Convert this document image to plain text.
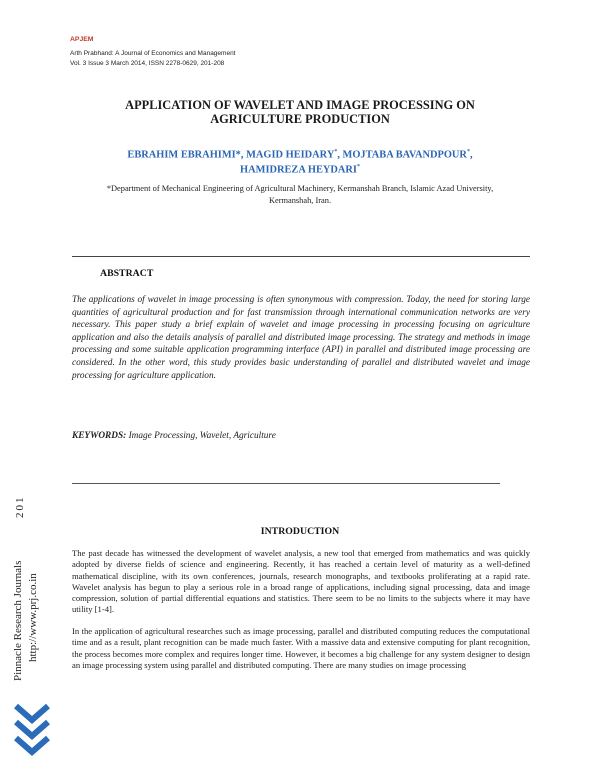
APJEM
Arth Prabhand: A Journal of Economics and Management
Vol. 3 Issue 3 March 2014, ISSN 2278-0629, 201-208
APPLICATION OF WAVELET AND IMAGE PROCESSING ON
AGRICULTURE PRODUCTION

EBRAHIM EBRAHIMI*, MAGID HEIDARY*, MOJTABA BAVANDPOUR*,
HAMIDREZA HEYDARI*

*Department of Mechanical Engineering of Agricultural Machinery, Kermanshah Branch, Islamic Azad University,
Kermanshah, Iran.

ABSTRACT

The applications of wavelet in image processing is often synonymous with compression. Today, the need for storing large quantities of agricultural production and for fast transmission through international communication networks are very necessary. This paper study a brief explain of wavelet and image processing in processing focusing on agriculture application and also the details analysis of parallel and distributed image processing. The strategy and methods in image processing and some suitable application programming interface (API) in parallel and distributed image processing are considered. In the other word, this study provides basic understanding of parallel and distributed wavelet and image processing for agriculture application.

KEYWORDS: Image Processing, Wavelet, Agriculture

INTRODUCTION

The past decade has witnessed the development of wavelet analysis, a new tool that emerged from mathematics and was quickly adopted by diverse fields of science and engineering. Recently, it has reached a certain level of maturity as a well-defined mathematical discipline, with its own conferences, journals, research monographs, and textbooks proliferating at a rapid rate. Wavelet analysis has begun to play a serious role in a broad range of applications, including signal processing, data and image compression, solution of partial differential equations and statistics. There seem to be no limits to the subjects where it may have utility [1-4].

In the application of agricultural researches such as image processing, parallel and distributed computing reduces the computational time and as a result, plant recognition can be made much faster. With a massive data and extensive computing for plant recognition, the process becomes more complex and requires longer time. However, it becomes a big challenge for any system designer to design an image processing system using parallel and distributed computing. There are many studies on image processing

201
Pinnacle Research Journals http://www.prj.co.in
